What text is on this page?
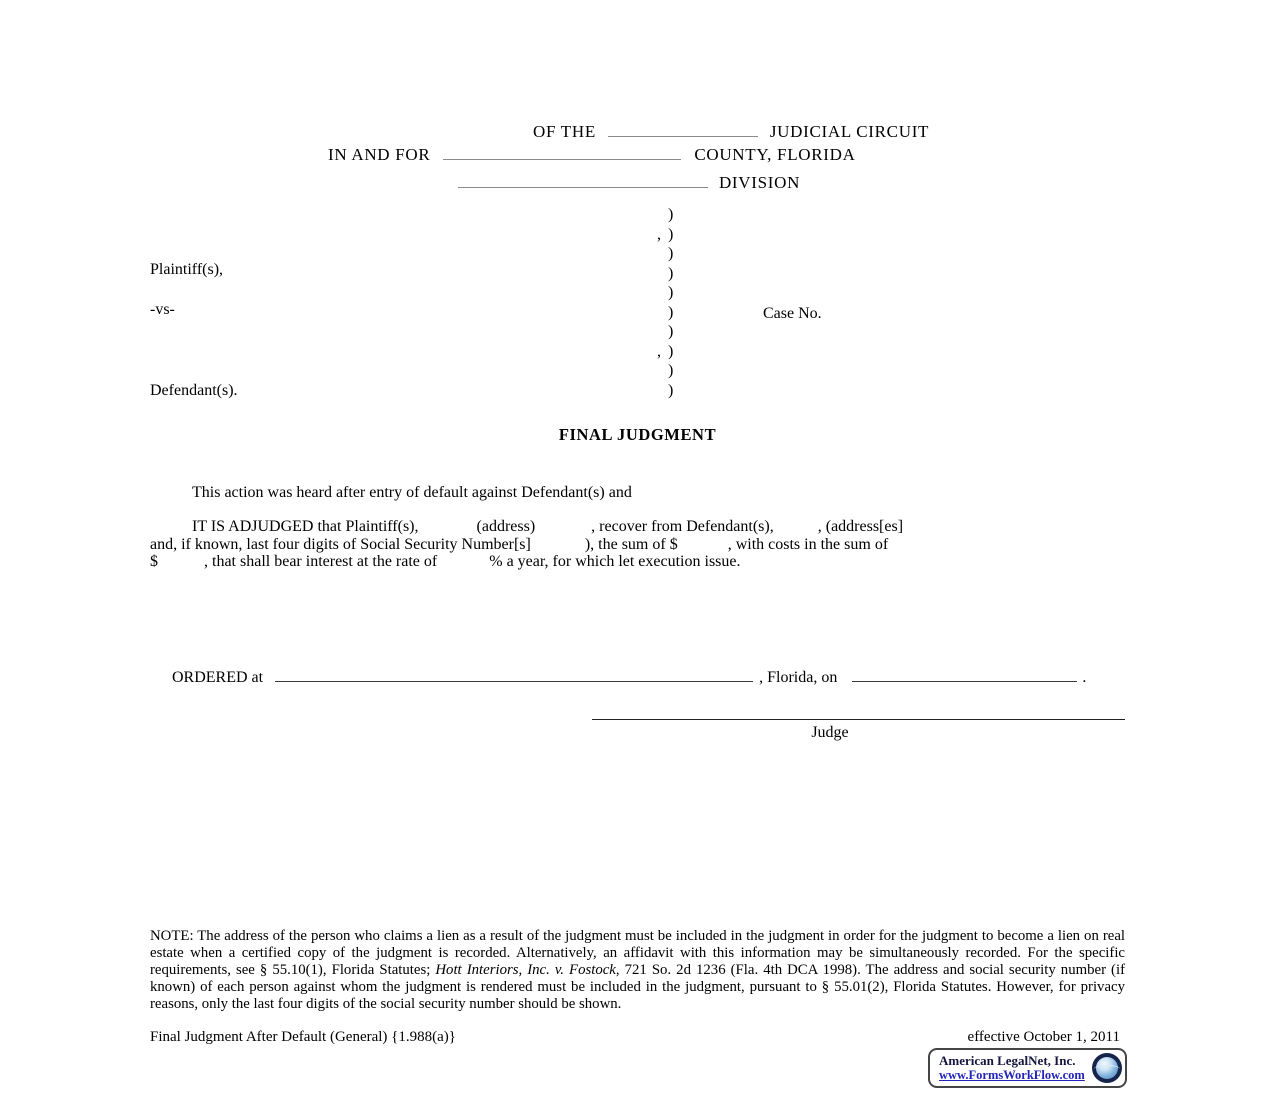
OF THE	JUDICIAL CIRCUIT
IN AND FOR	COUNTY, FLORIDA
DIVISION
Plaintiff(s),
-vs-
Defendant(s).
Case No.
)
, )
)
)
)
)
)
, )
)
)
FINAL JUDGMENT
This action was heard after entry of default against Defendant(s) and
IT IS ADJUDGED that Plaintiff(s),	(address)	, recover from Defendant(s),	, (address[es]
and, if known, last four digits of Social Security Number[s]	), the sum of $	, with costs in the sum of
$	, that shall bear interest at the rate of	% a year, for which let execution issue.
ORDERED at	, Florida, on	.
Judge
NOTE: The address of the person who claims a lien as a result of the judgment must be included in the judgment in order for the judgment to become a lien on real estate when a certified copy of the judgment is recorded. Alternatively, an affidavit with this information may be simultaneously recorded. For the specific requirements, see § 55.10(1), Florida Statutes; Hott Interiors, Inc. v. Fostock, 721 So. 2d 1236 (Fla. 4th DCA 1998). The address and social security number (if known) of each person against whom the judgment is rendered must be included in the judgment, pursuant to § 55.01(2), Florida Statutes. However, for privacy reasons, only the last four digits of the social security number should be shown.
Final Judgment After Default (General) {1.988(a)}	effective October 1, 2011
American LegalNet, Inc.
www.FormsWorkFlow.com
